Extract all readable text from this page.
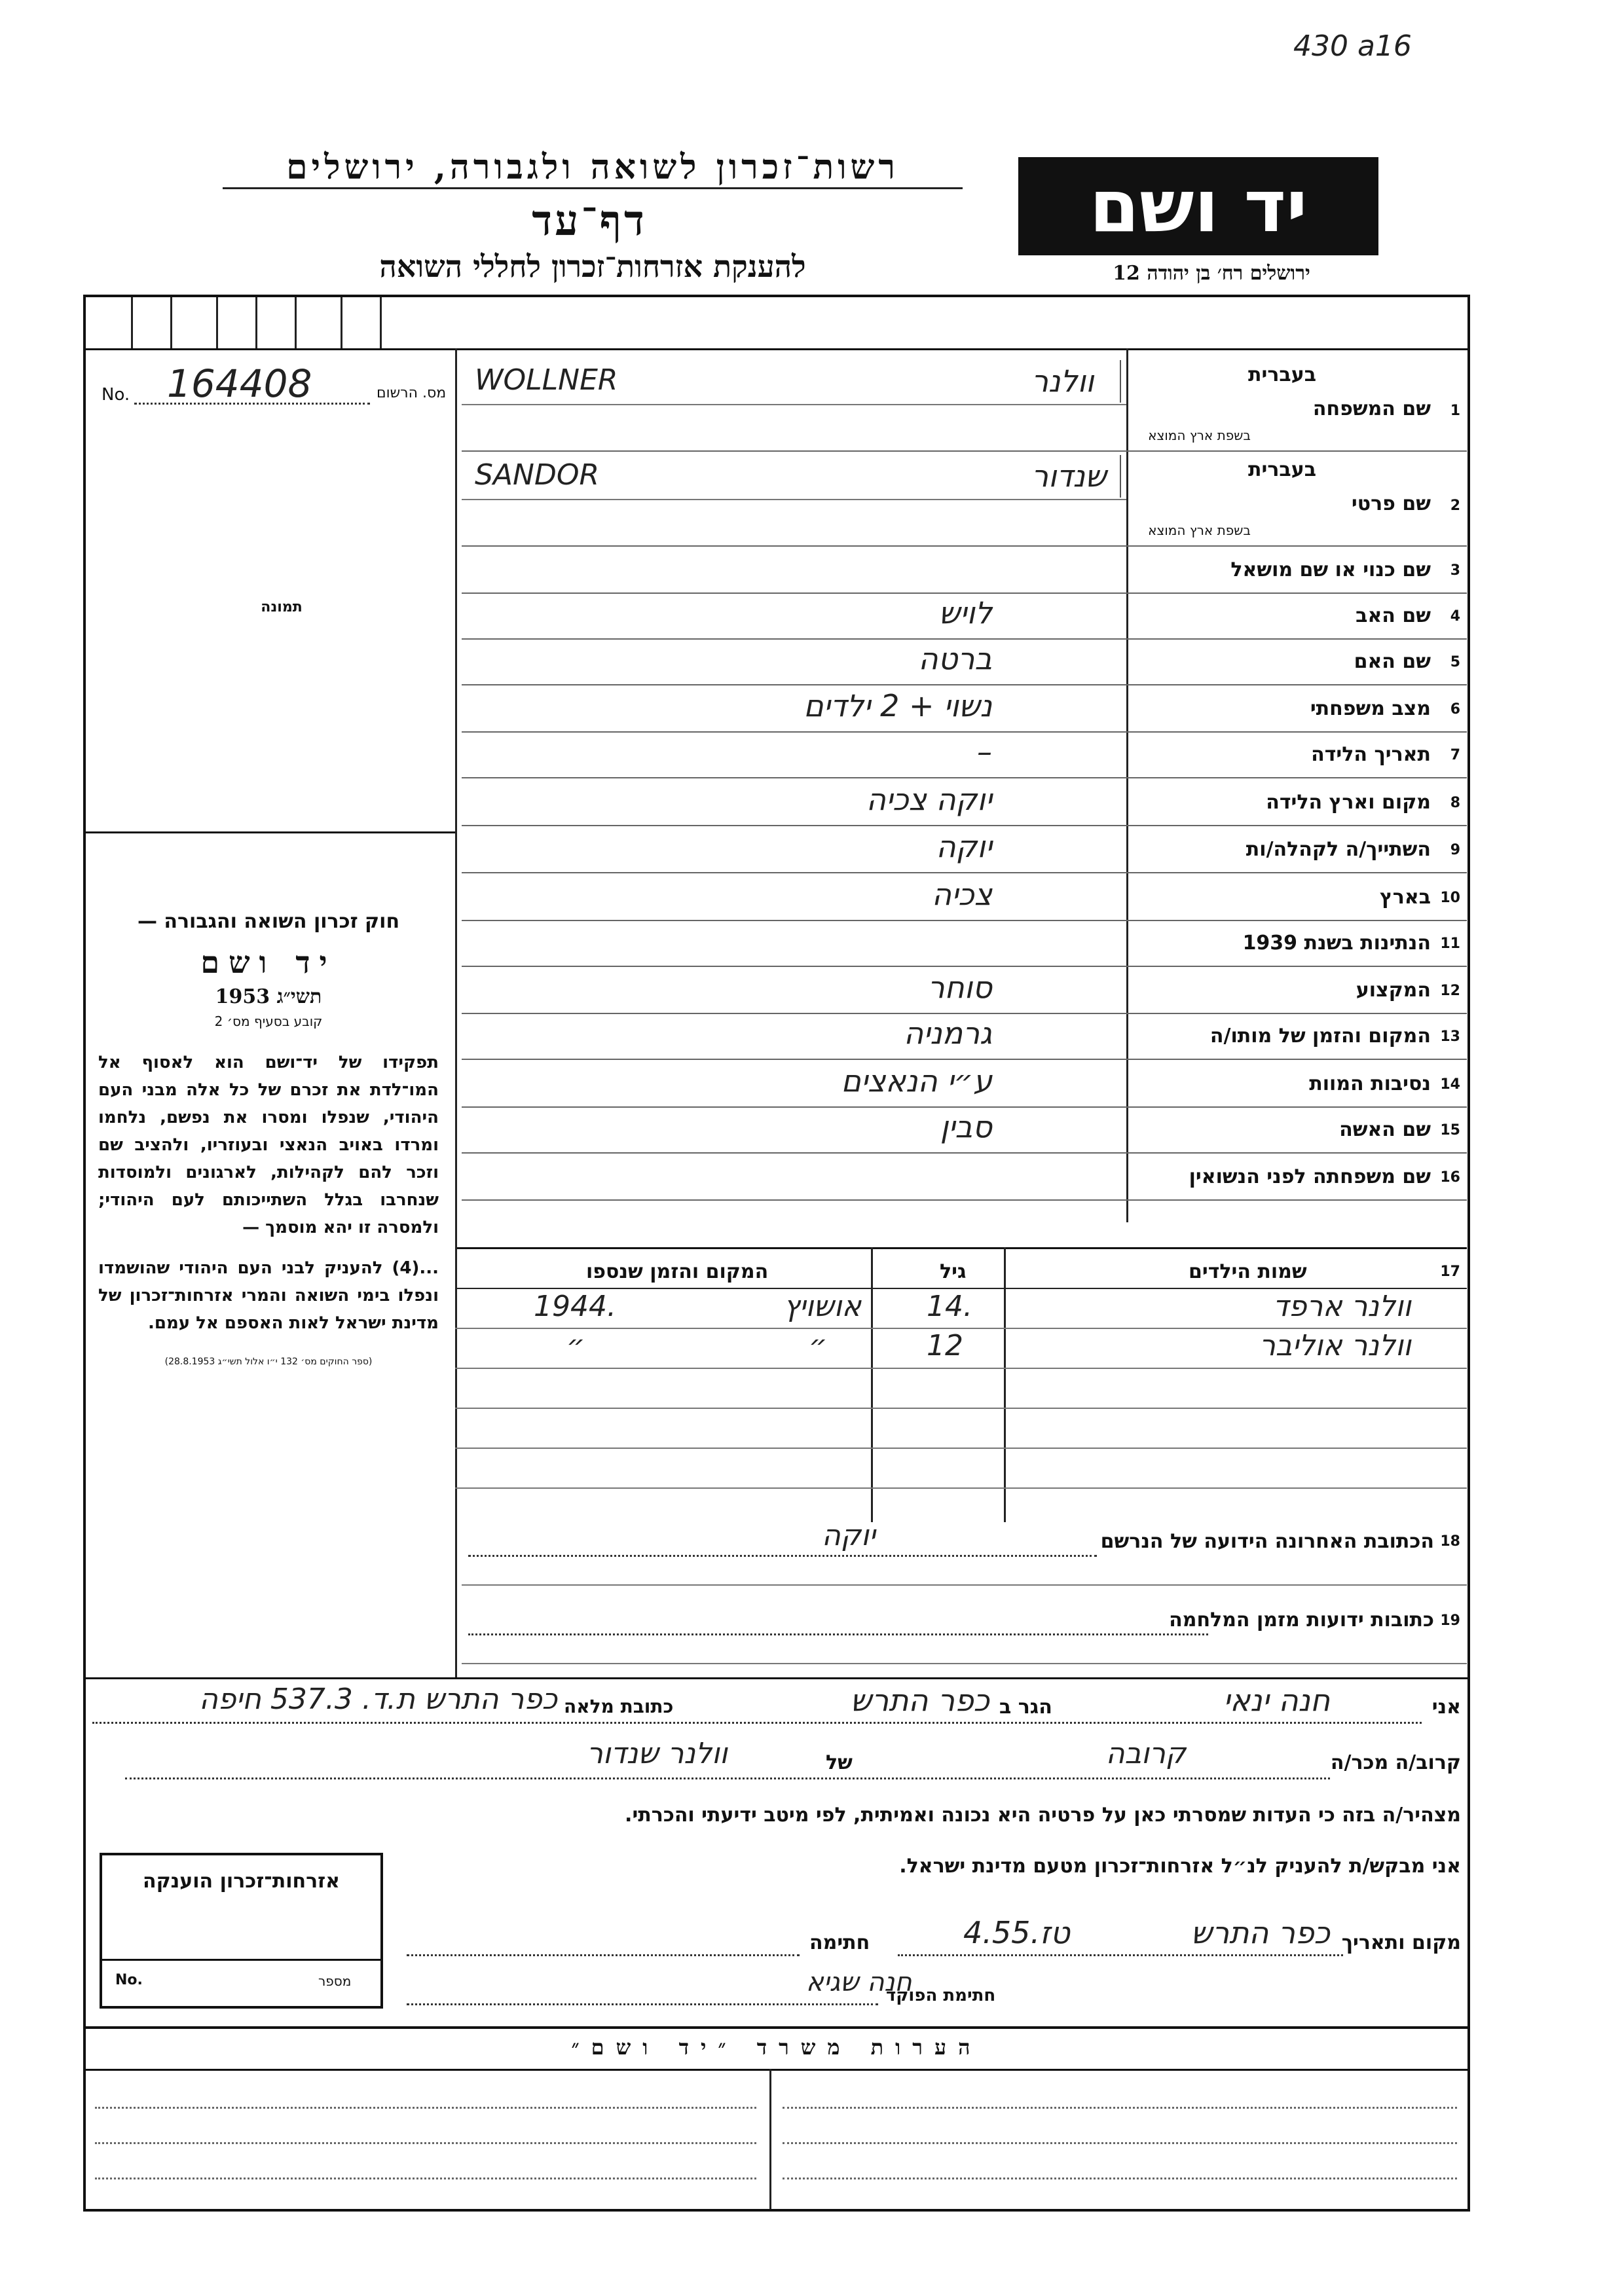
430 a16
רשות־זכרון לשואה ולגבורה, ירושלים
דף־עד
להענקת אזרחות־זכרון לחללי השואה
יד ושם
ירושלים רח׳ בן יהודה 12
No. 164408	מס. הרשום
תמונה
חוק זכרון השואה והגבורה —
יד ושם
תשי״ג 1953
קובע בסעיף מס׳ 2
תפקידו של יד־ושם הוא לאסוף אל המו־לדת את זכרם של כל אלה מבני העם היהודי, שנפלו ומסרו את נפשם, נלחמו ומרדו באויב הנאצי ובעוזריו, ולהציב שם וזכר להם לקהילות, לארגונים ולמוסדות שנחרבו בגלל השתייכותם לעם היהודי; ולמסרה זו יהא מוסמך —
...(4) להעניק לבני העם היהודי שהושמדו ונפלו בימי השואה והמרי אזרחות־זכרון של מדינת ישראל לאות האספם אל עמם.
(ספר החוקים מס׳ 132 י״ו אלול תשי״ג 28.8.1953)
1
שם המשפחה
בעברית
בשפת ארץ המוצא
וולנר
WOLLNER
2
שם פרטי
בעברית
בשפת ארץ המוצא
שנדור
SANDOR
3
שם כנוי או שם מושאל
4
שם האב
לויש
5
שם האם
ברטה
6
מצב משפחתי
נשוי + 2 ילדים
7
תאריך הלידה
–
8
מקום וארץ הלידה
יוקה צכיה
9
השתייך/ה לקהלה/ות
יוקה
10
בארץ
צכיה
11
הנתינות בשנת 1939
12
המקצוע
סוחר
13
המקום והזמן של מותו/ה
גרמניה
14
נסיבות המוות
ע״י הנאצים
15
שם האשה
סבין
16
שם משפחתה לפני הנשואין
17
שמות הילדים
גיל
המקום והזמן שנספו
וולנר ארפד
14.
אושויץ
1944.
וולנר אוליבר
12
״
״
18
הכתובת האחרונה הידועה של הנרשם
יוקה
19
כתובות ידועות מזמן המלחמה
אני
חנה ינאי
הגר ב
כפר התרש
כתובת מלאה
כפר התרש ת.ד. 537.3 חיפה
קרוב/ה מכר/ה
קרובה
של
וולנר שנדור
מצהיר/ה בזה כי העדות שמסרתי כאן על פרטיה היא נכונה ואמיתית, לפי מיטב ידיעתי והכרתי.
אני מבקש/ת להעניק לנ״ל אזרחות־זכרון מטעם מדינת ישראל.
מקום ותאריך
כפר התרש
4.טז.55
חתימה
חנה שגיא
חתימת הפוקד
אזרחות־זכרון הוענקה
No.	מספר
הערות משרד ״יד ושם״
